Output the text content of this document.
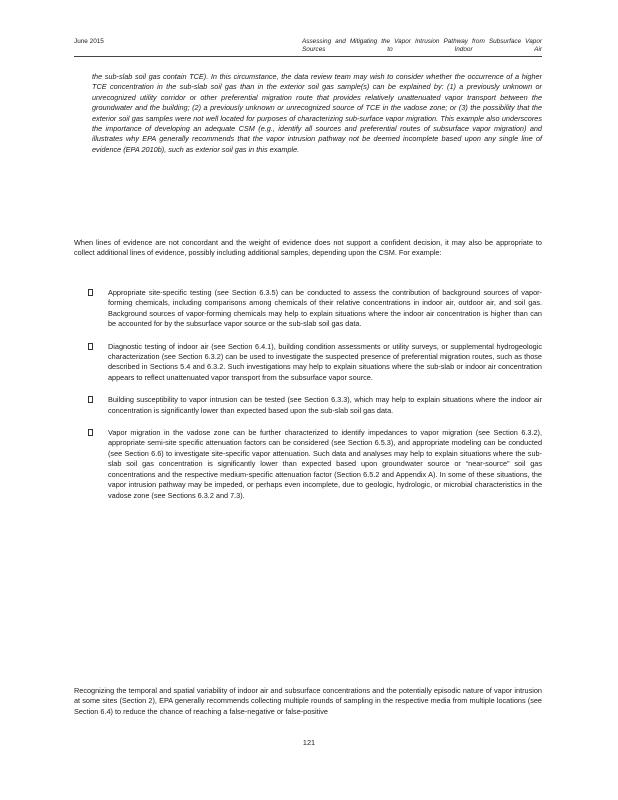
June 2015	Assessing and Mitigating the Vapor Intrusion Pathway from Subsurface Vapor Sources to Indoor Air

the sub-slab soil gas contain TCE). In this circumstance, the data review team may wish to consider whether the occurrence of a higher TCE concentration in the sub-slab soil gas than in the exterior soil gas sample(s) can be explained by: (1) a previously unknown or unrecognized utility corridor or other preferential migration route that provides relatively unattenuated vapor transport between the groundwater and the building; (2) a previously unknown or unrecognized source of TCE in the vadose zone; or (3) the possibility that the exterior soil gas samples were not well located for purposes of characterizing sub-surface vapor migration. This example also underscores the importance of developing an adequate CSM (e.g., identify all sources and preferential routes of subsurface vapor migration) and illustrates why EPA generally recommends that the vapor intrusion pathway not be deemed incomplete based upon any single line of evidence (EPA 2010b), such as exterior soil gas in this example.

When lines of evidence are not concordant and the weight of evidence does not support a confident decision, it may also be appropriate to collect additional lines of evidence, possibly including additional samples, depending upon the CSM. For example:

Appropriate site-specific testing (see Section 6.3.5) can be conducted to assess the contribution of background sources of vapor-forming chemicals, including comparisons among chemicals of their relative concentrations in indoor air, outdoor air, and soil gas. Background sources of vapor-forming chemicals may help to explain situations where the indoor air concentration is higher than can be accounted for by the subsurface vapor source or the sub-slab soil gas data.

Diagnostic testing of indoor air (see Section 6.4.1), building condition assessments or utility surveys, or supplemental hydrogeologic characterization (see Section 6.3.2) can be used to investigate the suspected presence of preferential migration routes, such as those described in Sections 5.4 and 6.3.2. Such investigations may help to explain situations where the sub-slab or indoor air concentration appears to reflect unattenuated vapor transport from the subsurface vapor source.

Building susceptibility to vapor intrusion can be tested (see Section 6.3.3), which may help to explain situations where the indoor air concentration is significantly lower than expected based upon the sub-slab soil gas data.

Vapor migration in the vadose zone can be further characterized to identify impedances to vapor migration (see Section 6.3.2), appropriate semi-site specific attenuation factors can be considered (see Section 6.5.3), and appropriate modeling can be conducted (see Section 6.6) to investigate site-specific vapor attenuation. Such data and analyses may help to explain situations where the sub-slab soil gas concentration is significantly lower than expected based upon groundwater source or “near-source” soil gas concentrations and the respective medium-specific attenuation factor (Section 6.5.2 and Appendix A). In some of these situations, the vapor intrusion pathway may be impeded, or perhaps even incomplete, due to geologic, hydrologic, or microbial characteristics in the vadose zone (see Sections 6.3.2 and 7.3).

Recognizing the temporal and spatial variability of indoor air and subsurface concentrations and the potentially episodic nature of vapor intrusion at some sites (Section 2), EPA generally recommends collecting multiple rounds of sampling in the respective media from multiple locations (see Section 6.4) to reduce the chance of reaching a false-negative or false-positive

121
